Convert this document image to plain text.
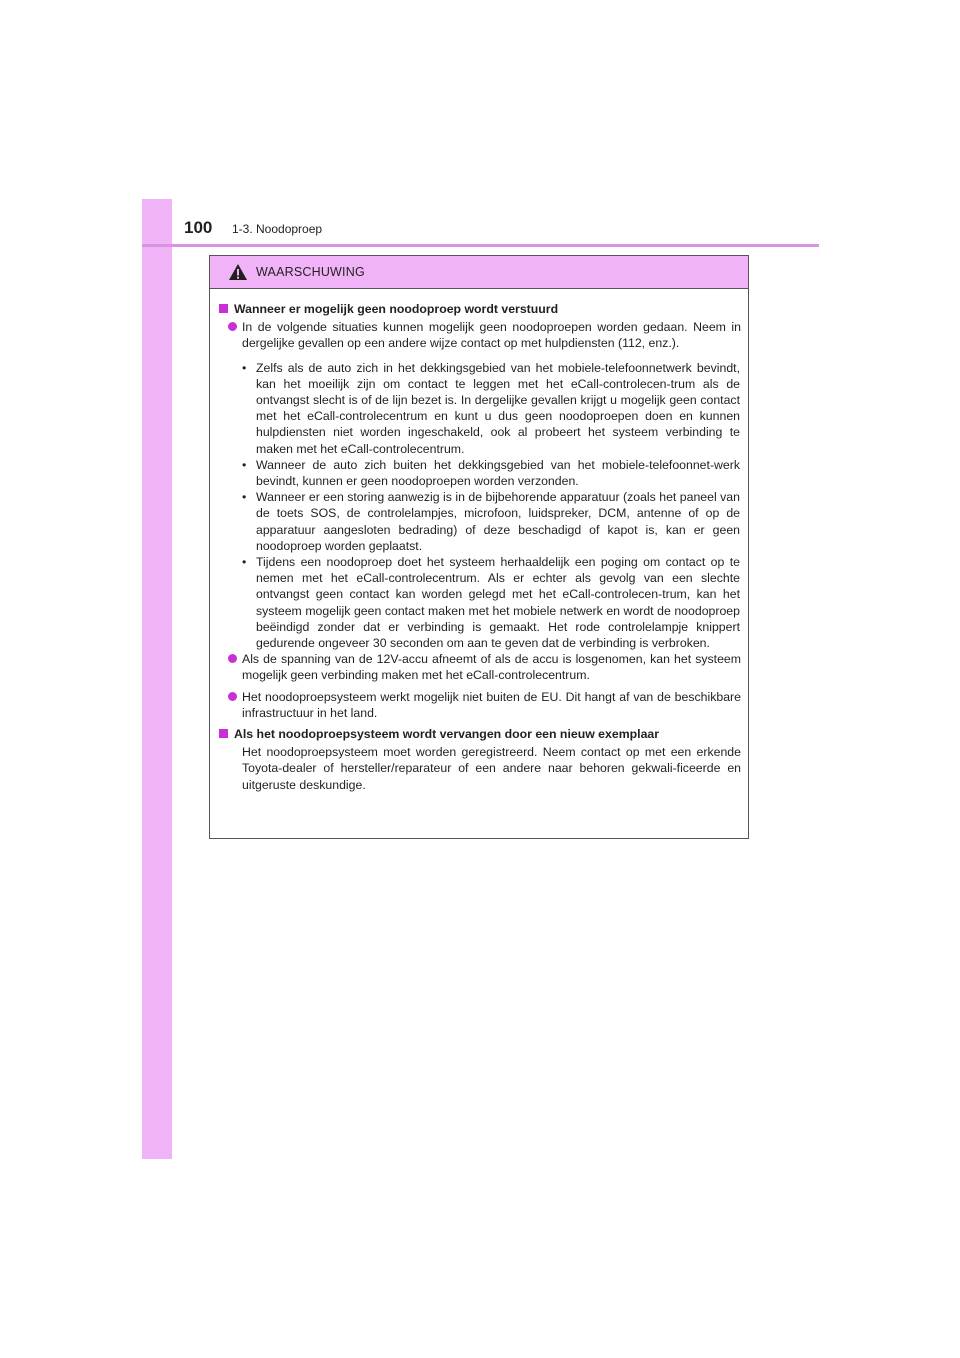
100 1-3. Noodoproep
WAARSCHUWING
Wanneer er mogelijk geen noodoproep wordt verstuurd
In de volgende situaties kunnen mogelijk geen noodoproepen worden gedaan. Neem in dergelijke gevallen op een andere wijze contact op met hulpdiensten (112, enz.).
• Zelfs als de auto zich in het dekkingsgebied van het mobiele-telefoonnetwerk bevindt, kan het moeilijk zijn om contact te leggen met het eCall-controlecen-trum als de ontvangst slecht is of de lijn bezet is. In dergelijke gevallen krijgt u mogelijk geen contact met het eCall-controlecentrum en kunt u dus geen noodoproepen doen en kunnen hulpdiensten niet worden ingeschakeld, ook al probeert het systeem verbinding te maken met het eCall-controlecentrum.
• Wanneer de auto zich buiten het dekkingsgebied van het mobiele-telefoonnet-werk bevindt, kunnen er geen noodoproepen worden verzonden.
• Wanneer er een storing aanwezig is in de bijbehorende apparatuur (zoals het paneel van de toets SOS, de controlelampjes, microfoon, luidspreker, DCM, antenne of op de apparatuur aangesloten bedrading) of deze beschadigd of kapot is, kan er geen noodoproep worden geplaatst.
• Tijdens een noodoproep doet het systeem herhaaldelijk een poging om contact op te nemen met het eCall-controlecentrum. Als er echter als gevolg van een slechte ontvangst geen contact kan worden gelegd met het eCall-controlecen-trum, kan het systeem mogelijk geen contact maken met het mobiele netwerk en wordt de noodoproep beëindigd zonder dat er verbinding is gemaakt. Het rode controlelampje knippert gedurende ongeveer 30 seconden om aan te geven dat de verbinding is verbroken.
Als de spanning van de 12V-accu afneemt of als de accu is losgenomen, kan het systeem mogelijk geen verbinding maken met het eCall-controlecentrum.
Het noodoproepsysteem werkt mogelijk niet buiten de EU. Dit hangt af van de beschikbare infrastructuur in het land.
Als het noodoproepsysteem wordt vervangen door een nieuw exemplaar
Het noodoproepsysteem moet worden geregistreerd. Neem contact op met een erkende Toyota-dealer of hersteller/reparateur of een andere naar behoren gekwali-ficeerde en uitgeruste deskundige.
